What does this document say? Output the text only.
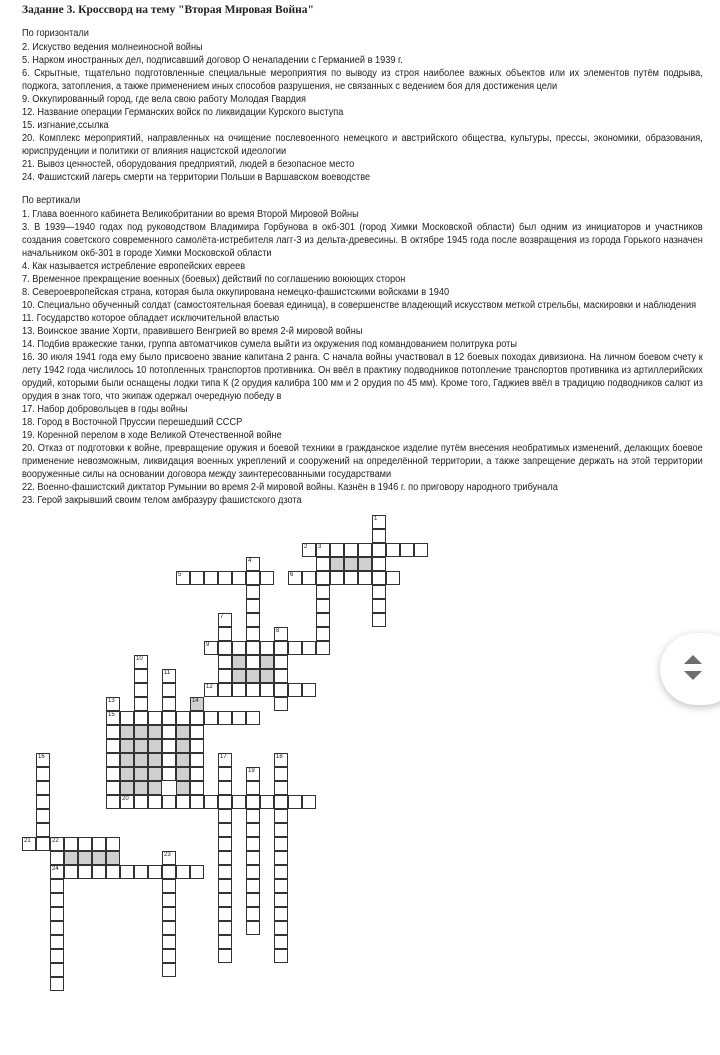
Задание 3. Кроссворд на тему "Вторая Мировая Война"
По горизонтали
2. Искуство ведения молнеиносной войны
5. Нарком иностранных дел, подписавший договор О ненападении с Германией в 1939 г.
6. Скрытные, тщательно подготовленные специальные мероприятия по выводу из строя наиболее важных объектов или их элементов путём подрыва, поджога, затопления, а также применением иных способов разрушения, не связанных с ведением боя для достижения цели
9. Оккупированный город, где вела свою работу Молодая Гвардия
12. Название операции Германских войск по ликвидации Курского выступа
15. изгнание,ссылка
20. Комплекс мероприятий, направленных на очищение послевоенного немецкого и австрийского общества, культуры, прессы, экономики, образования, юриспруденции и политики от влияния нацистской идеологии
21. Вывоз ценностей, оборудования предприятий, людей в безопасное место
24. Фашистский лагерь смерти на территории Польши в Варшавском воеводстве
По вертикали
1. Глава военного кабинета Великобритании во время Второй Мировой Войны
3. В 1939—1940 годах под руководством Владимира Горбунова в окб-301 (город Химки Московской области) был одним из инициаторов и участников создания советского современного самолёта-истребителя лагг-3 из дельта-древесины. В октябре 1945 года после возвращения из города Горького назначен начальником окб-301 в городе Химки Московской области
4. Как называется истребление европейских евреев
7. Временное прекращение военных (боевых) действий по соглашению воюющих сторон
8. Североевропейская страна, которая была оккупирована немецко-фашистскими войсками в 1940
10. Специально обученный солдат (самостоятельная боевая единица), в совершенстве владеющий искусством меткой стрельбы, маскировки и наблюдения
11. Государство которое обладает исключительной властью
13. Воинское звание Хорти, правившего Венгрией во время 2-й мировой войны
14. Подбив вражеские танки, группа автоматчиков сумела выйти из окружения под командованием политрука роты
16. 30 июля 1941 года ему было присвоено звание капитана 2 ранга. С начала войны участвовал в 12 боевых походах дивизиона. На личном боевом счету к лету 1942 года числилось 10 потопленных транспортов противника. Он ввёл в практику подводников потопление транспортов противника из артиллерийских орудий, которыми были оснащены лодки типа К (2 орудия калибра 100 мм и 2 орудия по 45 мм). Кроме того, Гаджиев ввёл в традицию подводников салют из орудия в знак того, что экипаж одержал очередную победу в
17. Набор добровольцев в годы войны
18. Город в Восточной Пруссии перешедший СССР
19. Коренной перелом в ходе Великой Отечественной войне
20. Отказ от подготовки к войне, превращение оружия и боевой техники в гражданское изделие путём внесения необратимых изменений, делающих боевое применение невозможным, ликвидация военных укреплений и сооружений на определённой территории, а также запрещение держать на этой территории вооруженные силы на основании договора между заинтересованными государствами
22. Военно-фашистский диктатор Румынии во время 2-й мировой войны. Казнён в 1946 г. по приговору народного трибунала
23. Герой закрывший своим телом амбразуру фашистского дзота
1
2 3
4
5	6
7
8
9
10
11
12
13
15
14
16	17	18
19
20
21	22
24
23
